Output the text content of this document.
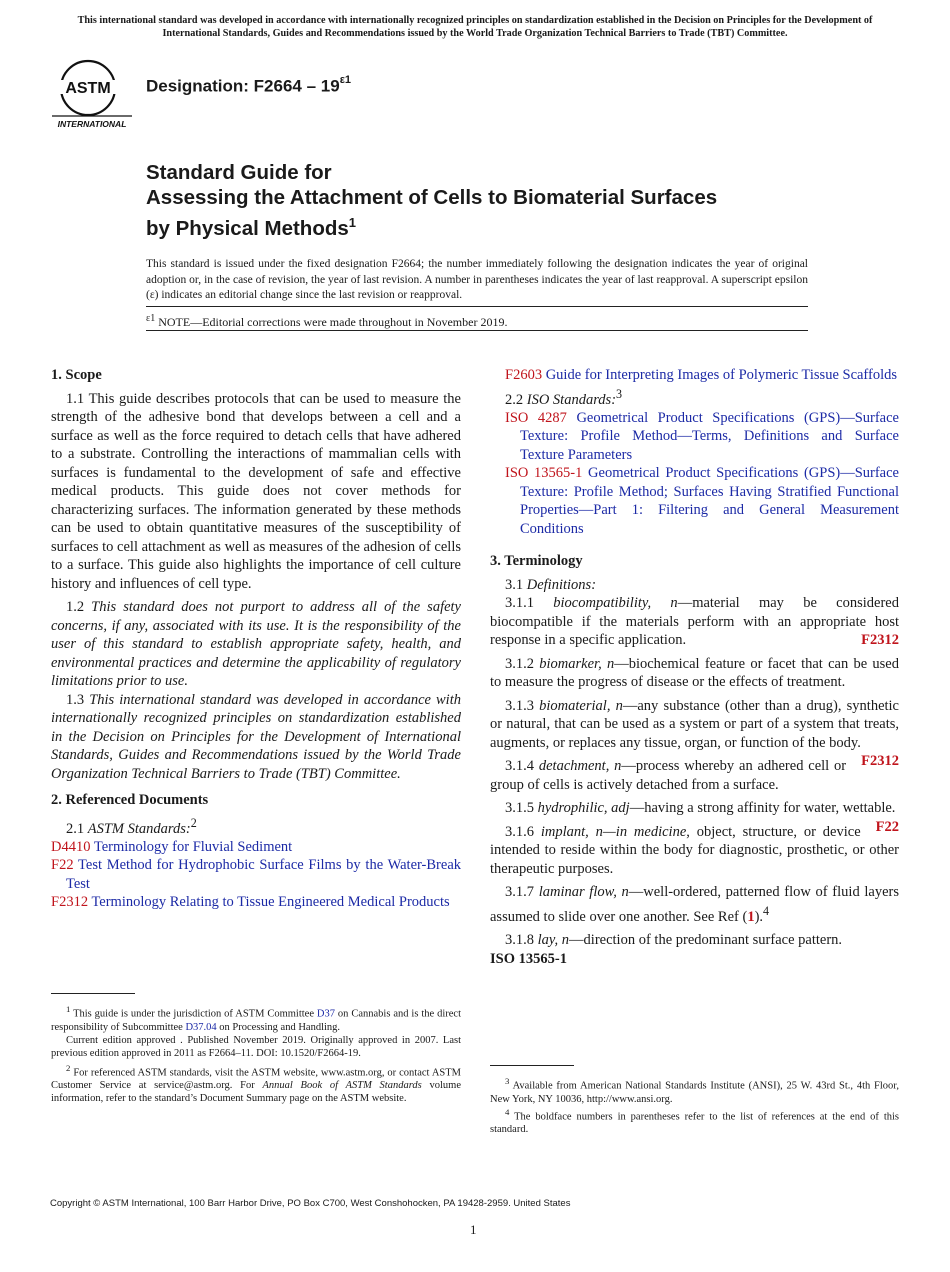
This international standard was developed in accordance with internationally recognized principles on standardization established in the Decision on Principles for the Development of International Standards, Guides and Recommendations issued by the World Trade Organization Technical Barriers to Trade (TBT) Committee.
ASTM
INTERNATIONAL
Designation: $F2664 - 19^{\varepsilon 1}$
Standard Guide for
Assessing the Attachment of Cells to Biomaterial Surfaces
by Physical Methods$^1$
This standard is issued under the fixed designation F2664; the number immediately following the designation indicates the year of original adoption or, in the case of revision, the year of last revision. A number in parentheses indicates the year of last reapproval. A superscript epsilon (ε) indicates an editorial change since the last revision or reapproval.
$^{\varepsilon 1}$ NOTE—Editorial corrections were made throughout in November 2019.

1. Scope

1.1 This guide describes protocols that can be used to measure the strength of the adhesive bond that develops between a cell and a surface as well as the force required to detach cells that have adhered to a substrate. Controlling the interactions of mammalian cells with surfaces is fundamental to the development of safe and effective medical products. This guide does not cover methods for characterizing surfaces. The information generated by these methods can be used to obtain quantitative measures of the susceptibility of surfaces to cell attachment as well as measures of the adhesion of cells to a surface. This guide also highlights the importance of cell culture history and influences of cell type.

1.2 This standard does not purport to address all of the safety concerns, if any, associated with its use. It is the responsibility of the user of this standard to establish appropriate safety, health, and environmental practices and determine the applicability of regulatory limitations prior to use.

1.3 This international standard was developed in accordance with internationally recognized principles on standardization established in the Decision on Principles for the Development of International Standards, Guides and Recommendations issued by the World Trade Organization Technical Barriers to Trade (TBT) Committee.

2. Referenced Documents

2.1 ASTM Standards:$^2$

D4410 Terminology for Fluvial Sediment

F22 Test Method for Hydrophobic Surface Films by the Water-Break Test

F2312 Terminology Relating to Tissue Engineered Medical Products

$^1$ This guide is under the jurisdiction of ASTM Committee D37 on Cannabis and is the direct responsibility of Subcommittee D37.04 on Processing and Handling.

Current edition approved . Published November 2019. Originally approved in 2007. Last previous edition approved in 2011 as F2664–11. DOI: 10.1520/F2664-19.

$^2$ For referenced ASTM standards, visit the ASTM website, www.astm.org, or contact ASTM Customer Service at service@astm.org. For Annual Book of ASTM Standards volume information, refer to the standard’s Document Summary page on the ASTM website.

F2603 Guide for Interpreting Images of Polymeric Tissue Scaffolds

2.2 ISO Standards:$^3$

ISO 4287 Geometrical Product Specifications (GPS)—Surface Texture: Profile Method—Terms, Definitions and Surface Texture Parameters

ISO 13565-1 Geometrical Product Specifications (GPS)—Surface Texture: Profile Method; Surfaces Having Stratified Functional Properties—Part 1: Filtering and General Measurement Conditions

3. Terminology

3.1 Definitions:

3.1.1 biocompatibility, n—material may be considered biocompatible if the materials perform with an appropriate host response in a specific application.	F2312

3.1.2 biomarker, n—biochemical feature or facet that can be used to measure the progress of disease or the effects of treatment.

3.1.3 biomaterial, n—any substance (other than a drug), synthetic or natural, that can be used as a system or part of a system that treats, augments, or replaces any tissue, organ, or function of the body.
F2312

3.1.4 detachment, n—process whereby an adhered cell or group of cells is actively detached from a surface.

3.1.5 hydrophilic, adj—having a strong affinity for water, wettable.
F22

3.1.6 implant, n—in medicine, object, structure, or device intended to reside within the body for diagnostic, prosthetic, or other therapeutic purposes.

3.1.7 laminar flow, n—well-ordered, patterned flow of fluid layers assumed to slide over one another. See Ref (1).$^4$

3.1.8 lay, n—direction of the predominant surface pattern.

ISO 13565-1

$^3$ Available from American National Standards Institute (ANSI), 25 W. 43rd St., 4th Floor, New York, NY 10036, http://www.ansi.org.

$^4$ The boldface numbers in parentheses refer to the list of references at the end of this standard.

Copyright © ASTM International, 100 Barr Harbor Drive, PO Box C700, West Conshohocken, PA 19428-2959. United States
1
